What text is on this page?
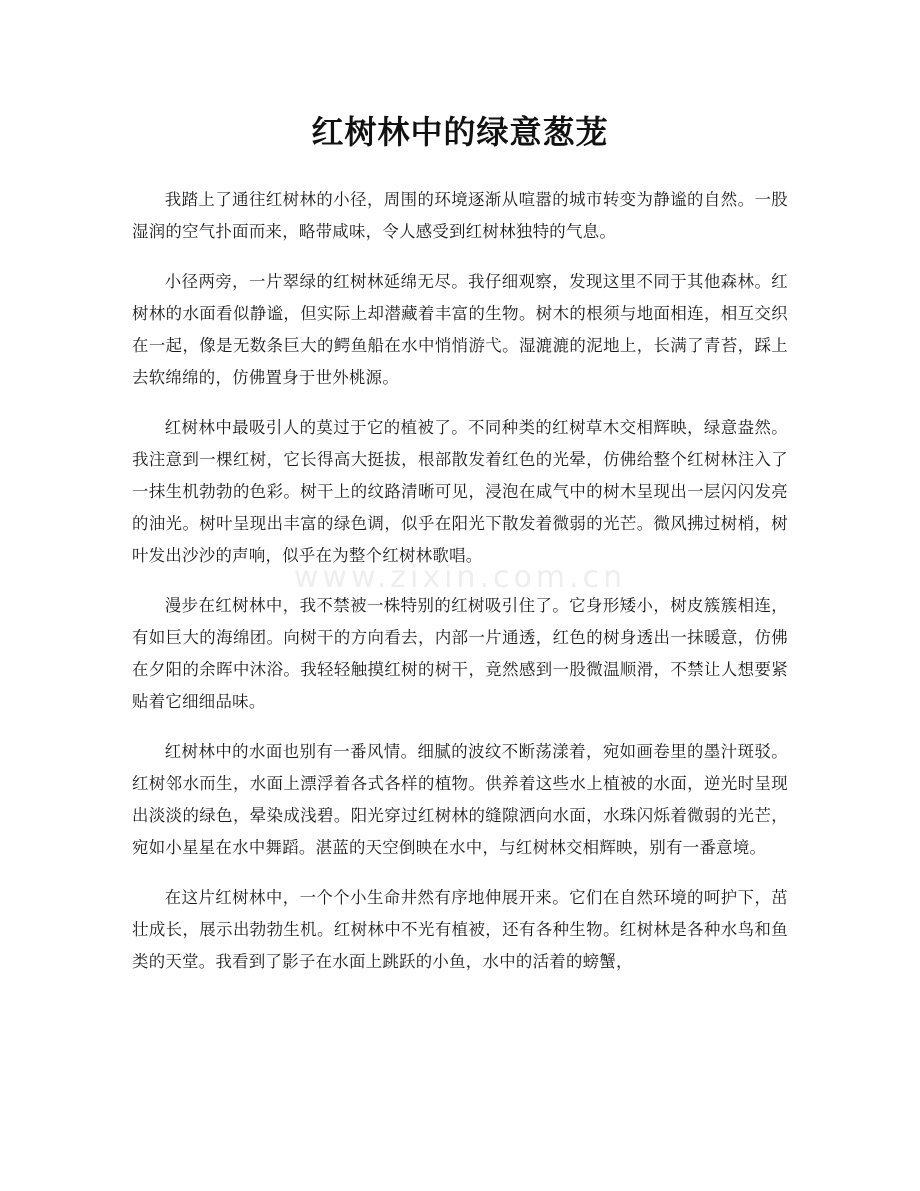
红树林中的绿意葱茏

我踏上了通往红树林的小径，周围的环境逐渐从喧嚣的城市转变为静谧的自然。一股湿润的空气扑面而来，略带咸味，令人感受到红树林独特的气息。

小径两旁，一片翠绿的红树林延绵无尽。我仔细观察，发现这里不同于其他森林。红树林的水面看似静谧，但实际上却潜藏着丰富的生物。树木的根须与地面相连，相互交织在一起，像是无数条巨大的鳄鱼船在水中悄悄游弋。湿漉漉的泥地上，长满了青苔，踩上去软绵绵的，仿佛置身于世外桃源。

红树林中最吸引人的莫过于它的植被了。不同种类的红树草木交相辉映，绿意盎然。我注意到一棵红树，它长得高大挺拔，根部散发着红色的光晕，仿佛给整个红树林注入了一抹生机勃勃的色彩。树干上的纹路清晰可见，浸泡在咸气中的树木呈现出一层闪闪发亮的油光。树叶呈现出丰富的绿色调，似乎在阳光下散发着微弱的光芒。微风拂过树梢，树叶发出沙沙的声响，似乎在为整个红树林歌唱。

漫步在红树林中，我不禁被一株特别的红树吸引住了。它身形矮小，树皮簇簇相连，有如巨大的海绵团。向树干的方向看去，内部一片通透，红色的树身透出一抹暖意，仿佛在夕阳的余晖中沐浴。我轻轻触摸红树的树干，竟然感到一股微温顺滑，不禁让人想要紧贴着它细细品味。

红树林中的水面也别有一番风情。细腻的波纹不断荡漾着，宛如画卷里的墨汁斑驳。红树邻水而生，水面上漂浮着各式各样的植物。供养着这些水上植被的水面，逆光时呈现出淡淡的绿色，晕染成浅碧。阳光穿过红树林的缝隙洒向水面，水珠闪烁着微弱的光芒，宛如小星星在水中舞蹈。湛蓝的天空倒映在水中，与红树林交相辉映，别有一番意境。

在这片红树林中，一个个小生命井然有序地伸展开来。它们在自然环境的呵护下，茁壮成长，展示出勃勃生机。红树林中不光有植被，还有各种生物。红树林是各种水鸟和鱼类的天堂。我看到了影子在水面上跳跃的小鱼，水中的活着的螃蟹，

www.zixin.com.cn
